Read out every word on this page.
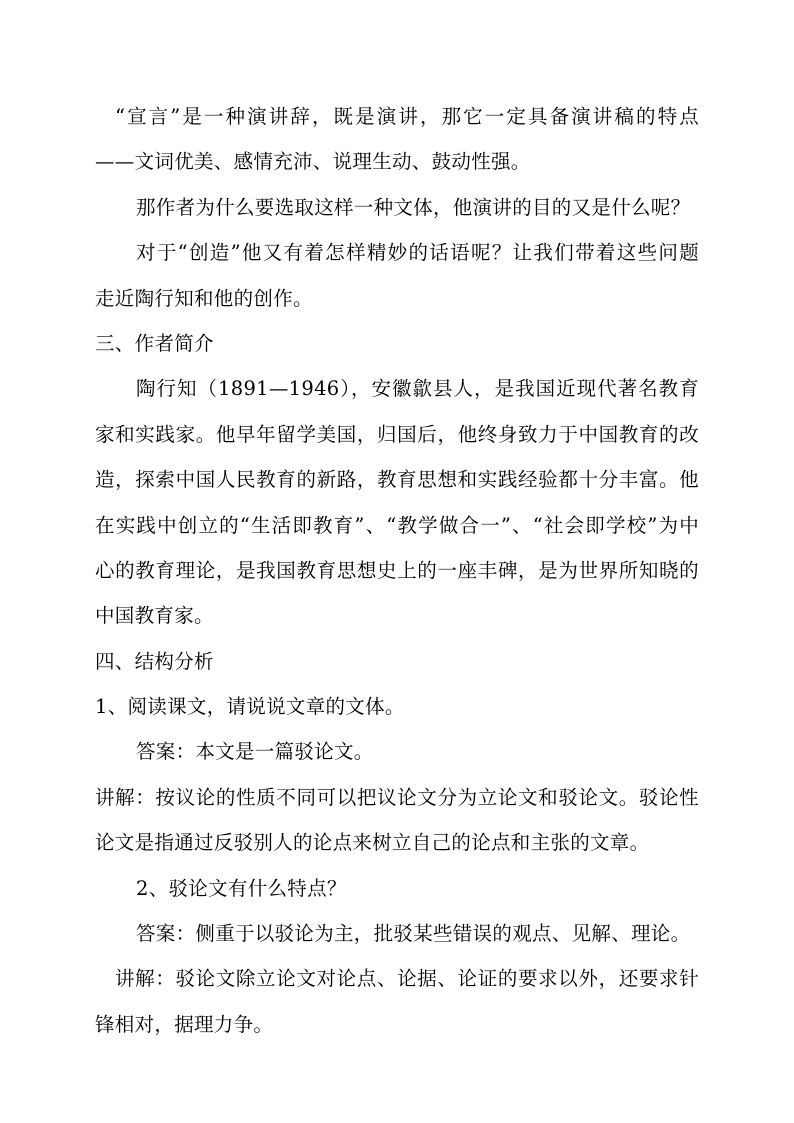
“宣言”是一种演讲辞，既是演讲，那它一定具备演讲稿的特点
——文词优美、感情充沛、说理生动、鼓动性强。
那作者为什么要选取这样一种文体，他演讲的目的又是什么呢？
对于“创造”他又有着怎样精妙的话语呢？让我们带着这些问题
走近陶行知和他的创作。
三、作者简介
陶行知（1891—1946），安徽歙县人，是我国近现代著名教育
家和实践家。他早年留学美国，归国后，他终身致力于中国教育的改
造，探索中国人民教育的新路，教育思想和实践经验都十分丰富。他
在实践中创立的“生活即教育”、“教学做合一”、“社会即学校”为中
心的教育理论，是我国教育思想史上的一座丰碑，是为世界所知晓的
中国教育家。
四、结构分析
1、阅读课文，请说说文章的文体。
答案：本文是一篇驳论文。
讲解：按议论的性质不同可以把议论文分为立论文和驳论文。驳论性
论文是指通过反驳别人的论点来树立自己的论点和主张的文章。
2、驳论文有什么特点？
答案：侧重于以驳论为主，批驳某些错误的观点、见解、理论。
讲解：驳论文除立论文对论点、论据、论证的要求以外，还要求针
锋相对，据理力争。
